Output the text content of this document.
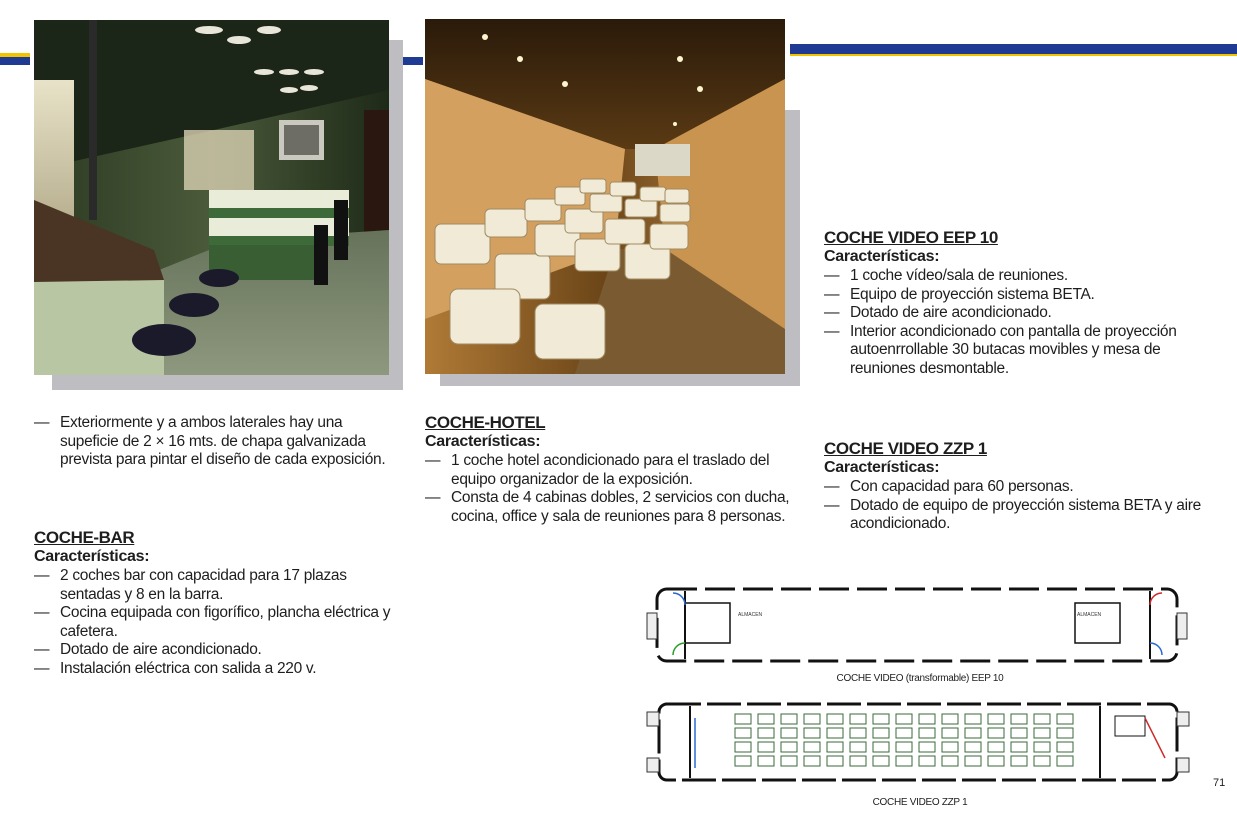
— Exteriormente y a ambos laterales hay una supeficie de 2 × 16 mts. de chapa galvanizada prevista para pintar el diseño de cada exposición.
COCHE-BAR
Características:
— 2 coches bar con capacidad para 17 plazas sentadas y 8 en la barra.
— Cocina equipada con figorífico, plancha eléctrica y cafetera.
— Dotado de aire acondicionado.
— Instalación eléctrica con salida a 220 v.
COCHE-HOTEL
Características:
— 1 coche hotel acondicionado para el traslado del equipo organizador de la exposición.
— Consta de 4 cabinas dobles, 2 servicios con ducha, cocina, office y sala de reuniones para 8 personas.
COCHE VIDEO EEP 10
Características:
— 1 coche vídeo/sala de reuniones.
— Equipo de proyección sistema BETA.
— Dotado de aire acondicionado.
— Interior acondicionado con pantalla de proyección autoenrrollable 30 butacas movibles y mesa de reuniones desmontable.
COCHE VIDEO ZZP 1
Características:
— Con capacidad para 60 personas.
— Dotado de equipo de proyección sistema BETA y aire acondicionado.
ALMACEN	ALMACEN
COCHE VIDEO (transformable) EEP 10
COCHE VIDEO ZZP 1
71
